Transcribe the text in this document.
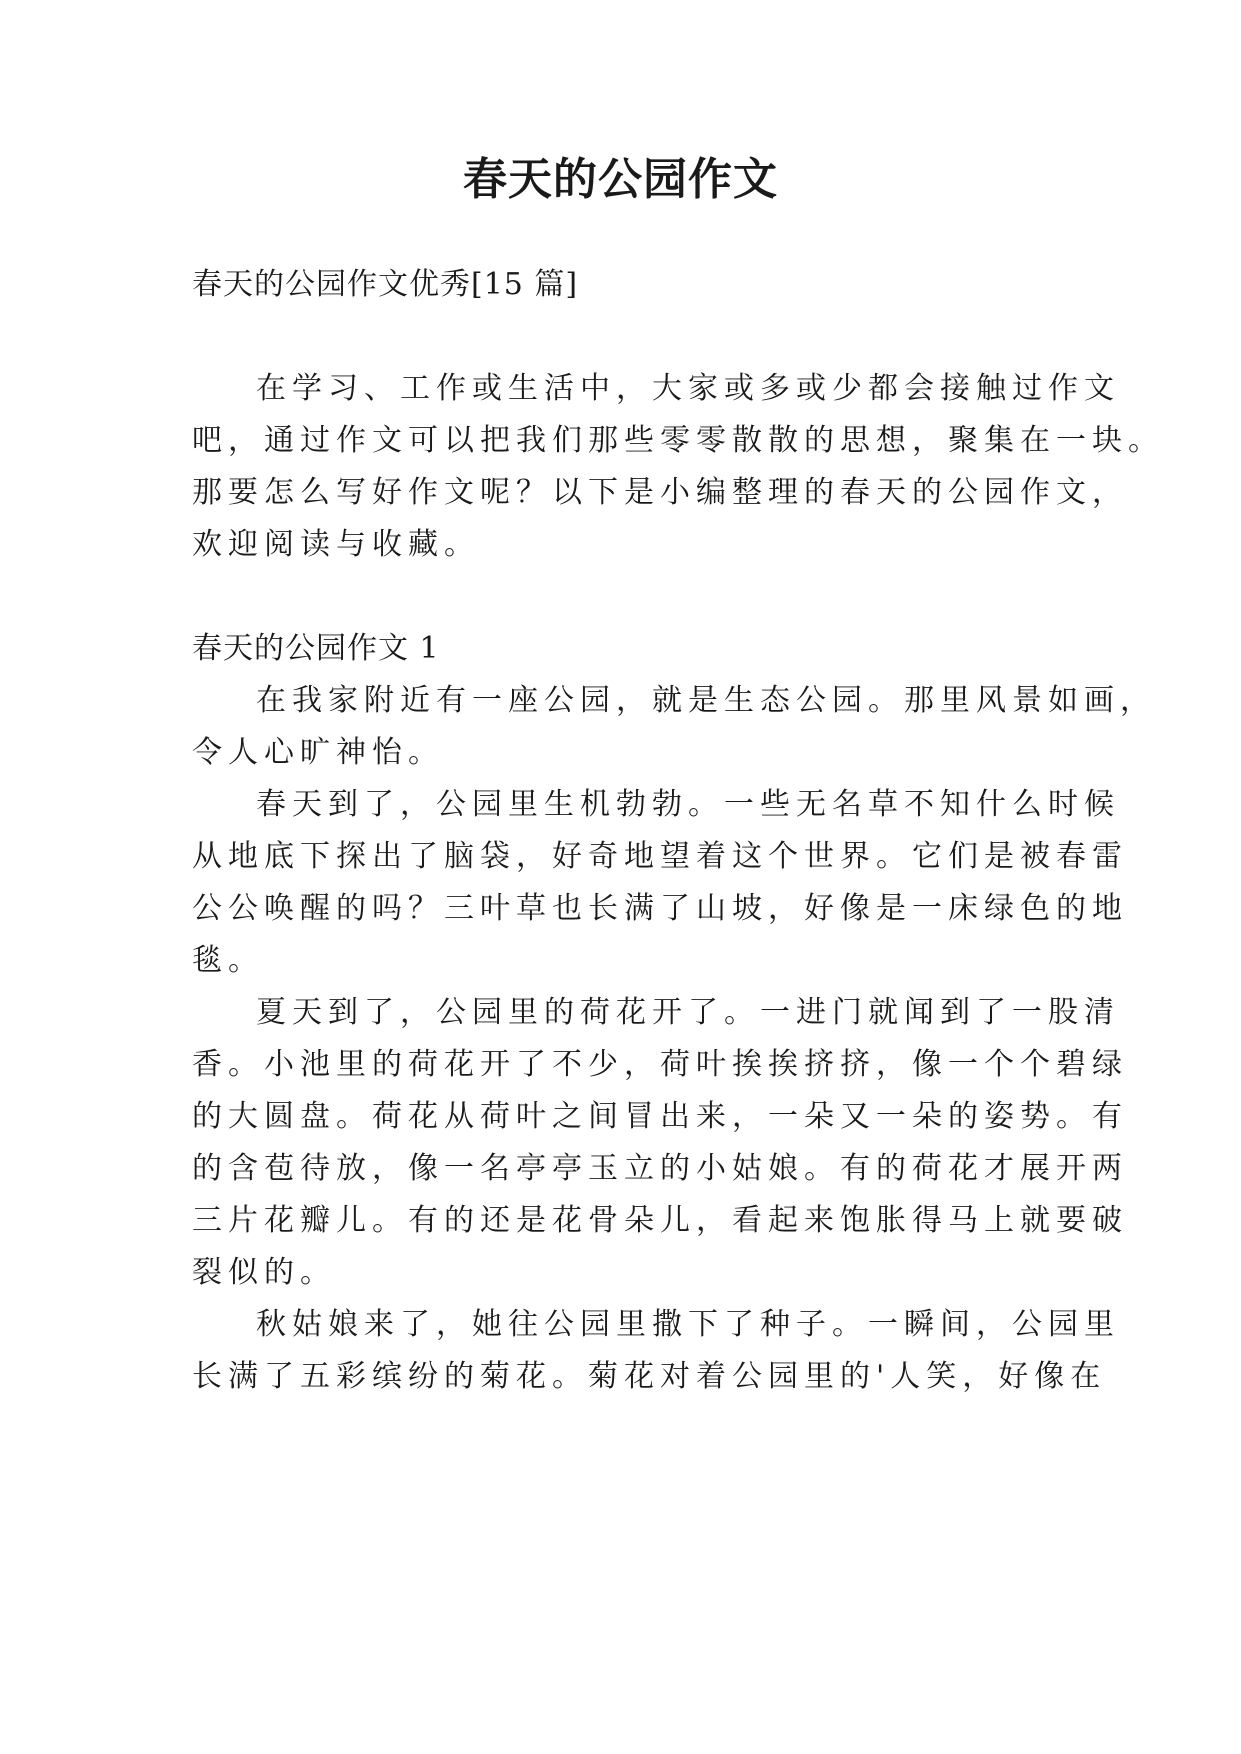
春天的公园作文
春天的公园作文优秀[15 篇]
在学习、工作或生活中，大家或多或少都会接触过作文
吧，通过作文可以把我们那些零零散散的思想，聚集在一块。
那要怎么写好作文呢？以下是小编整理的春天的公园作文，
欢迎阅读与收藏。
春天的公园作文 1
在我家附近有一座公园，就是生态公园。那里风景如画，
令人心旷神怡。
春天到了，公园里生机勃勃。一些无名草不知什么时候
从地底下探出了脑袋，好奇地望着这个世界。它们是被春雷
公公唤醒的吗？三叶草也长满了山坡，好像是一床绿色的地
毯。
夏天到了，公园里的荷花开了。一进门就闻到了一股清
香。小池里的荷花开了不少，荷叶挨挨挤挤，像一个个碧绿
的大圆盘。荷花从荷叶之间冒出来，一朵又一朵的姿势。有
的含苞待放，像一名亭亭玉立的小姑娘。有的荷花才展开两
三片花瓣儿。有的还是花骨朵儿，看起来饱胀得马上就要破
裂似的。
秋姑娘来了，她往公园里撒下了种子。一瞬间，公园里
长满了五彩缤纷的菊花。菊花对着公园里的'人笑，好像在
